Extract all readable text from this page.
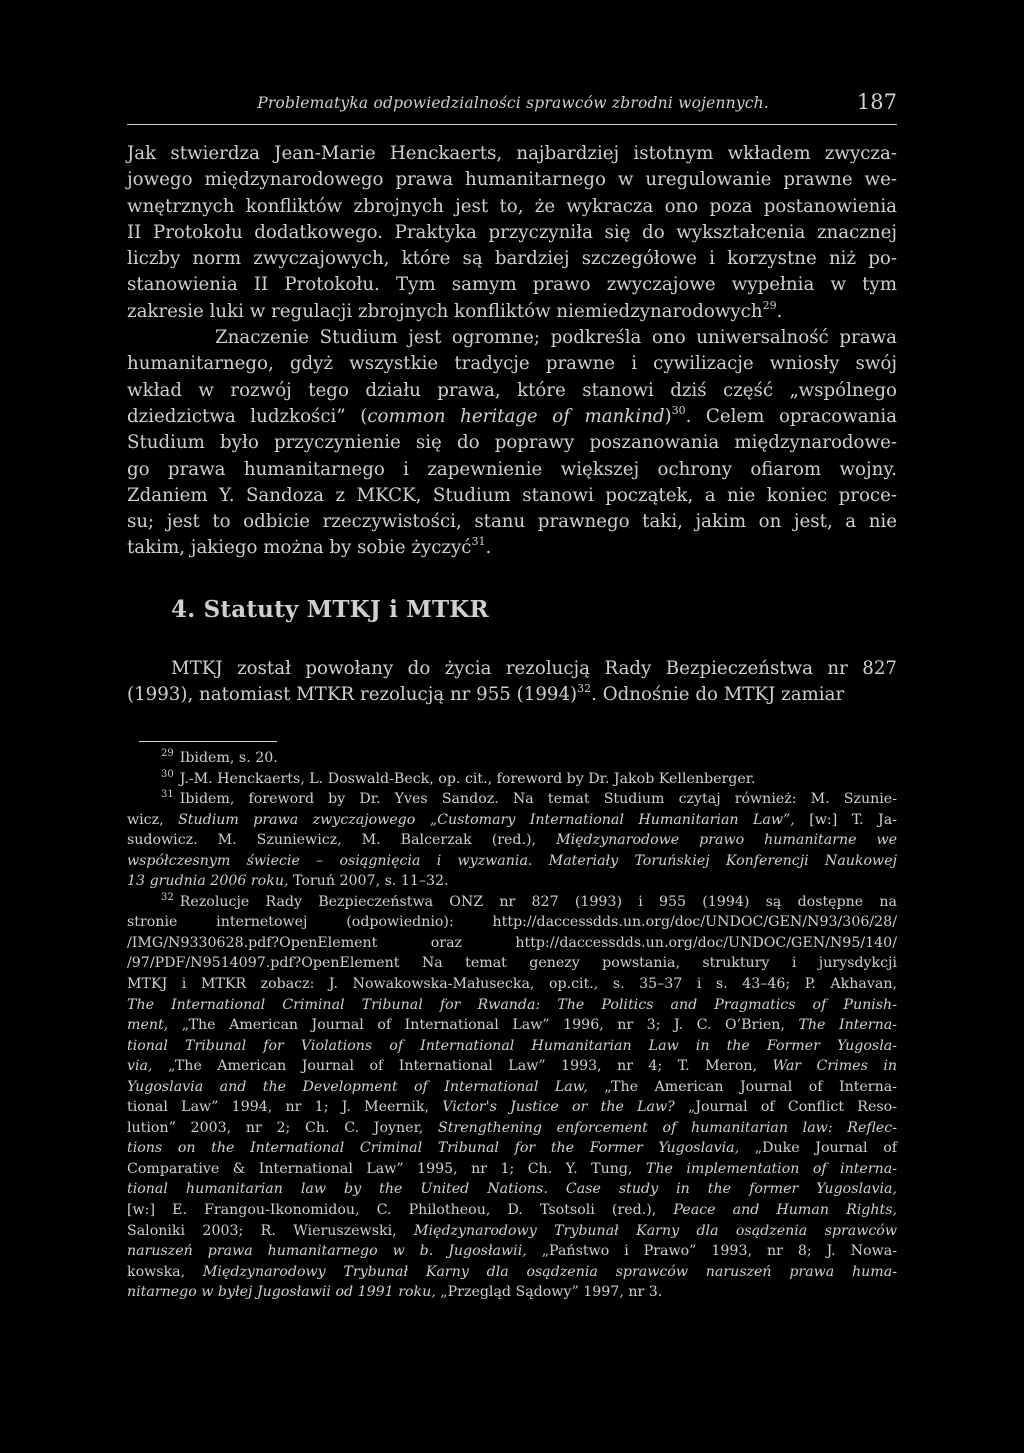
Problematyka odpowiedzialności sprawców zbrodni wojennych.	187

Jak stwierdza Jean-Marie Henckaerts, najbardziej istotnym wkładem zwycza-
jowego międzynarodowego prawa humanitarnego w uregulowanie prawne we-
wnętrznych konfliktów zbrojnych jest to, że wykracza ono poza postanowienia
II Protokołu dodatkowego. Praktyka przyczyniła się do wykształcenia znacznej
liczby norm zwyczajowych, które są bardziej szczegółowe i korzystne niż po-
stanowienia II Protokołu. Tym samym prawo zwyczajowe wypełnia w tym
zakresie luki w regulacji zbrojnych konfliktów niemiedzynarodowych$^{29}$.

Znaczenie Studium jest ogromne; podkreśla ono uniwersalność prawa
humanitarnego, gdyż wszystkie tradycje prawne i cywilizacje wniosły swój
wkład w rozwój tego działu prawa, które stanowi dziś część „wspólnego
dziedzictwa ludzkości” (common heritage of mankind)$^{30}$. Celem opracowania
Studium było przyczynienie się do poprawy poszanowania międzynarodowe-
go prawa humanitarnego i zapewnienie większej ochrony ofiarom wojny.
Zdaniem Y. Sandoza z MKCK, Studium stanowi początek, a nie koniec proce-
su; jest to odbicie rzeczywistości, stanu prawnego taki, jakim on jest, a nie
takim, jakiego można by sobie życzyć$^{31}$.

4. Statuty MTKJ i MTKR

MTKJ został powołany do życia rezolucją Rady Bezpieczeństwa nr 827
(1993), natomiast MTKR rezolucją nr 955 $(1994)^{32}$. Odnośnie do MTKJ zamiar

$^{29}$ Ibidem, s. 20.
$^{30}$ J.-M. Henckaerts, L. Doswald-Beck, op. cit., foreword by Dr. Jakob Kellenberger.
$^{31}$ Ibidem, foreword by Dr. Yves Sandoz. Na temat Studium czytaj również: M. Szunie-
wicz, Studium prawa zwyczajowego „Customary International Humanitarian Law”, [w:] T. Ja-
sudowicz. M. Szuniewicz, M. Balcerzak (red.), Międzynarodowe prawo humanitarne we
współczesnym świecie – osiągnięcia i wyzwania. Materiały Toruńskiej Konferencji Naukowej
13 grudnia 2006 roku, Toruń 2007, s. 11–32.
$^{32}$ Rezolucje Rady Bezpieczeństwa ONZ nr 827 (1993) i 955 (1994) są dostępne na
stronie internetowej (odpowiednio): http://daccessdds.un.org/doc/UNDOC/GEN/N93/306/28/
/IMG/N9330628.pdf?OpenElement oraz http://daccessdds.un.org/doc/UNDOC/GEN/N95/140/
/97/PDF/N9514097.pdf?OpenElement Na temat genezy powstania, struktury i jurysdykcji
MTKJ i MTKR zobacz: J. Nowakowska-Małusecka, op.cit., s. 35–37 i s. 43–46; P. Akhavan,
The International Criminal Tribunal for Rwanda: The Politics and Pragmatics of Punish-
ment, „The American Journal of International Law” 1996, nr 3; J. C. O’Brien, The Interna-
tional Tribunal for Violations of International Humanitarian Law in the Former Yugosla-
via, „The American Journal of International Law” 1993, nr 4; T. Meron, War Crimes in
Yugoslavia and the Development of International Law, „The American Journal of Interna-
tional Law” 1994, nr 1; J. Meernik, Victor's Justice or the Law? „Journal of Conflict Reso-
lution” 2003, nr 2; Ch. C. Joyner, Strengthening enforcement of humanitarian law: Reflec-
tions on the International Criminal Tribunal for the Former Yugoslavia, „Duke Journal of
Comparative & International Law” 1995, nr 1; Ch. Y. Tung, The implementation of interna-
tional humanitarian law by the United Nations. Case study in the former Yugoslavia,
[w:] E. Frangou-Ikonomidou, C. Philotheou, D. Tsotsoli (red.), Peace and Human Rights,
Saloniki 2003; R. Wieruszewski, Międzynarodowy Trybunał Karny dla osądzenia sprawców
naruszeń prawa humanitarnego w b. Jugosławii, „Państwo i Prawo” 1993, nr 8; J. Nowa-
kowska, Międzynarodowy Trybunał Karny dla osądzenia sprawców naruszeń prawa huma-
nitarnego w byłej Jugosławii od 1991 roku, „Przegląd Sądowy” 1997, nr 3.
